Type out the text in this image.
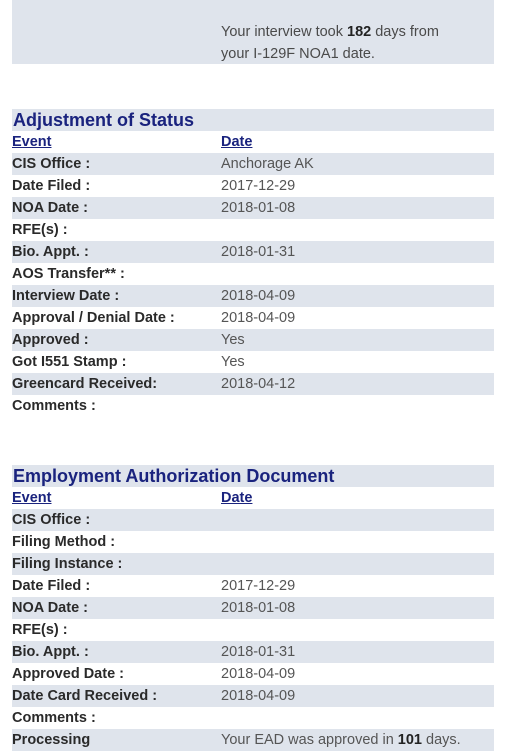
Your interview took 182 days from
your I-129F NOA1 date.
Adjustment of Status
Event	Date
CIS Office :	Anchorage AK
Date Filed :	2017-12-29
NOA Date :	2018-01-08
RFE(s) :
Bio. Appt. :	2018-01-31
AOS Transfer** :
Interview Date :	2018-04-09
Approval / Denial Date :	2018-04-09
Approved :	Yes
Got I551 Stamp :	Yes
Greencard Received:	2018-04-12
Comments :
Employment Authorization Document
Event	Date
CIS Office :
Filing Method :
Filing Instance :
Date Filed :	2017-12-29
NOA Date :	2018-01-08
RFE(s) :
Bio. Appt. :	2018-01-31
Approved Date :	2018-04-09
Date Card Received :	2018-04-09
Comments :
Processing	Your EAD was approved in 101 days.
